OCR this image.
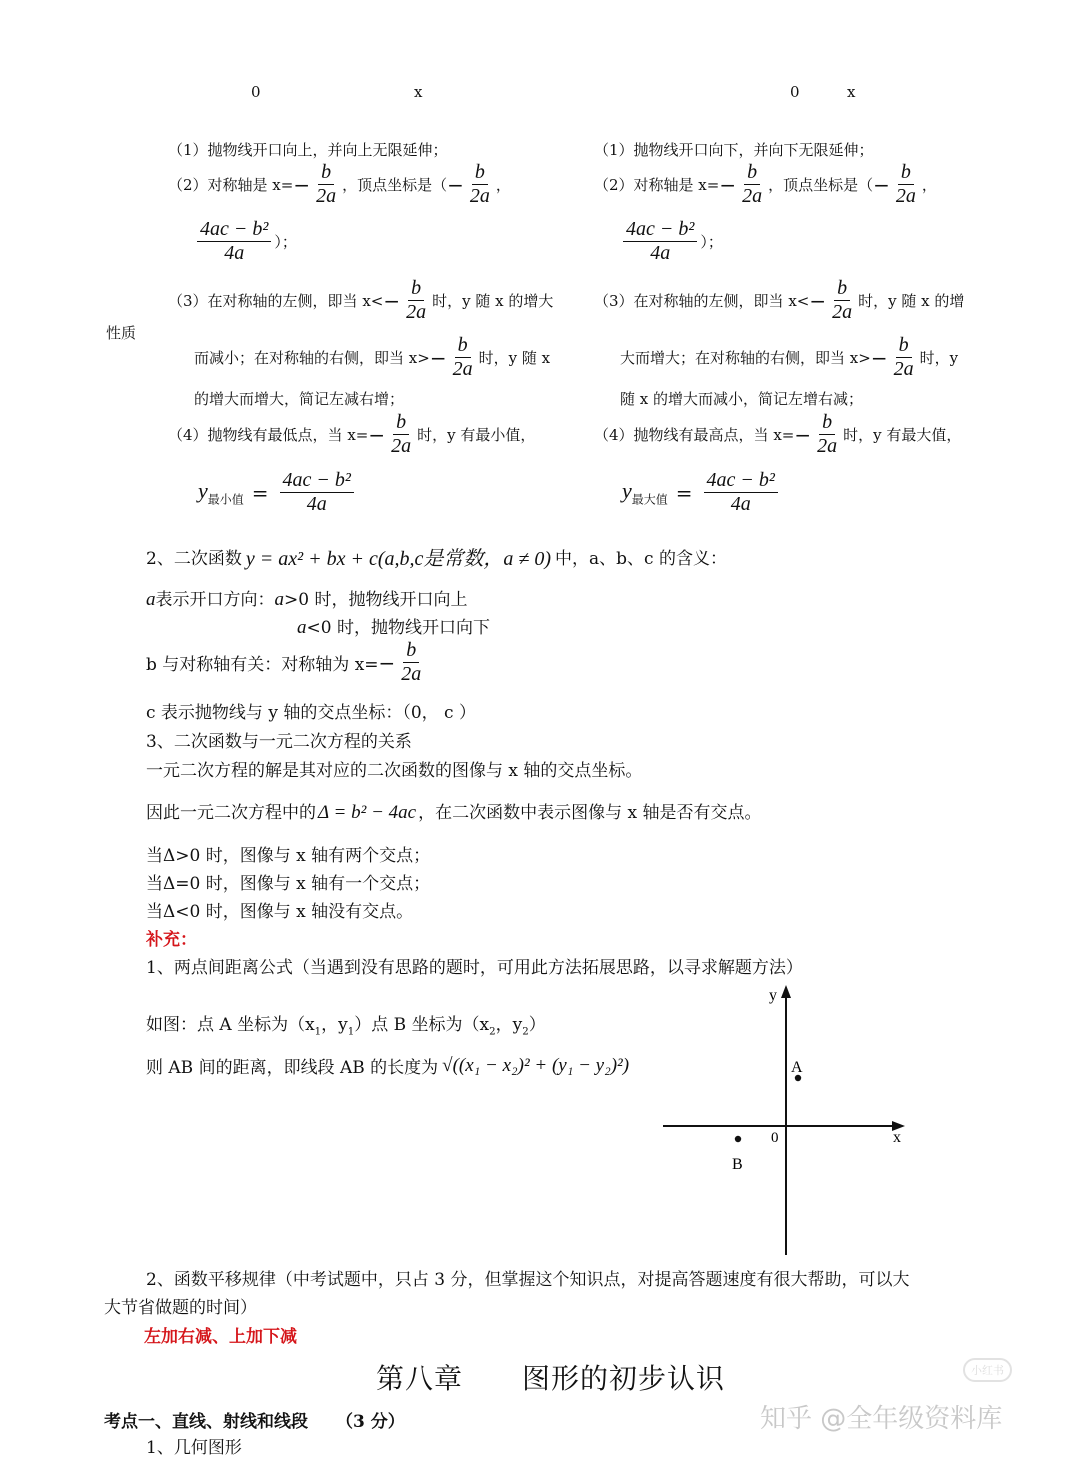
0	x	0	x
性质
（1）抛物线开口向上，并向上无限延伸；
（2）对称轴是 $x= - \frac{b}{2a}$ ，顶点坐标是（ − $\frac{b}{2a}$ ，
$\frac{\text{4ac − b²}}{4a}$ ）；
（3）在对称轴的左侧，即当 $x< - \frac{b}{2a}$ 时，y 随 x 的增大
而减小；在对称轴的右侧，即当 $x> - \frac{b}{2a}$ 时，y 随 x
的增大而增大，简记左减右增；
（4）抛物线有最低点，当 $x= - \frac{b}{2a}$ 时，y 有最小值，
$y_{最小值} = \frac{\text{4ac − b²}}{4a}$
（1）抛物线开口向下，并向下无限延伸；
（2）对称轴是 $x= - \frac{b}{2a}$ ，顶点坐标是（ − $\frac{b}{2a}$ ，
$\frac{\text{4ac − b²}}{4a}$ ）；
（3）在对称轴的左侧，即当 $x< - \frac{b}{2a}$ 时，y 随 x 的增
大而增大；在对称轴的右侧，即当 $x> - \frac{b}{2a}$ 时，y
随 x 的增大而减小，简记左增右减；
（4）抛物线有最高点，当 $x= - \frac{b}{2a}$ 时，y 有最大值，
$y_{最大值} = \frac{\text{4ac − b²}}{4a}$
2、二次函数 y = ax² + bx + c(a,b,c是常数，a ≠ 0) 中， a、b、c 的含义：
a表示开口方向：a>0 时，抛物线开口向上
a<0 时，抛物线开口向下
b 与对称轴有关：对称轴为 $x= - \frac{b}{2a}$
c 表示抛物线与 y 轴的交点坐标：（0， c ）
3、二次函数与一元二次方程的关系
一元二次方程的解是其对应的二次函数的图像与 x 轴的交点坐标。
因此一元二次方程中的 Δ = b² − 4ac ，在二次函数中表示图像与 x 轴是否有交点。
当Δ>0 时，图像与 x 轴有两个交点；
当Δ=0 时，图像与 x 轴有一个交点；
当Δ<0 时，图像与 x 轴没有交点。
补充：
1、两点间距离公式（当遇到没有思路的题时，可用此方法拓展思路，以寻求解题方法）
如图：点 A 坐标为（$x_1$，$y_1$）点 B 坐标为（$x_2$，$y_2$）
则 AB 间的距离，即线段 AB 的长度为 √((x₁ − x₂)² + (y₁ − y₂)²)
y
x
0
A
B
2、函数平移规律（中考试题中，只占 3 分，但掌握这个知识点，对提高答题速度有很大帮助，可以大
大节省做题的时间）
左加右减、上加下减
第八章 图形的初步认识
考点一、直线、射线和线段 （3 分）
1、几何图形
小红书
知乎 @全年级资料库
